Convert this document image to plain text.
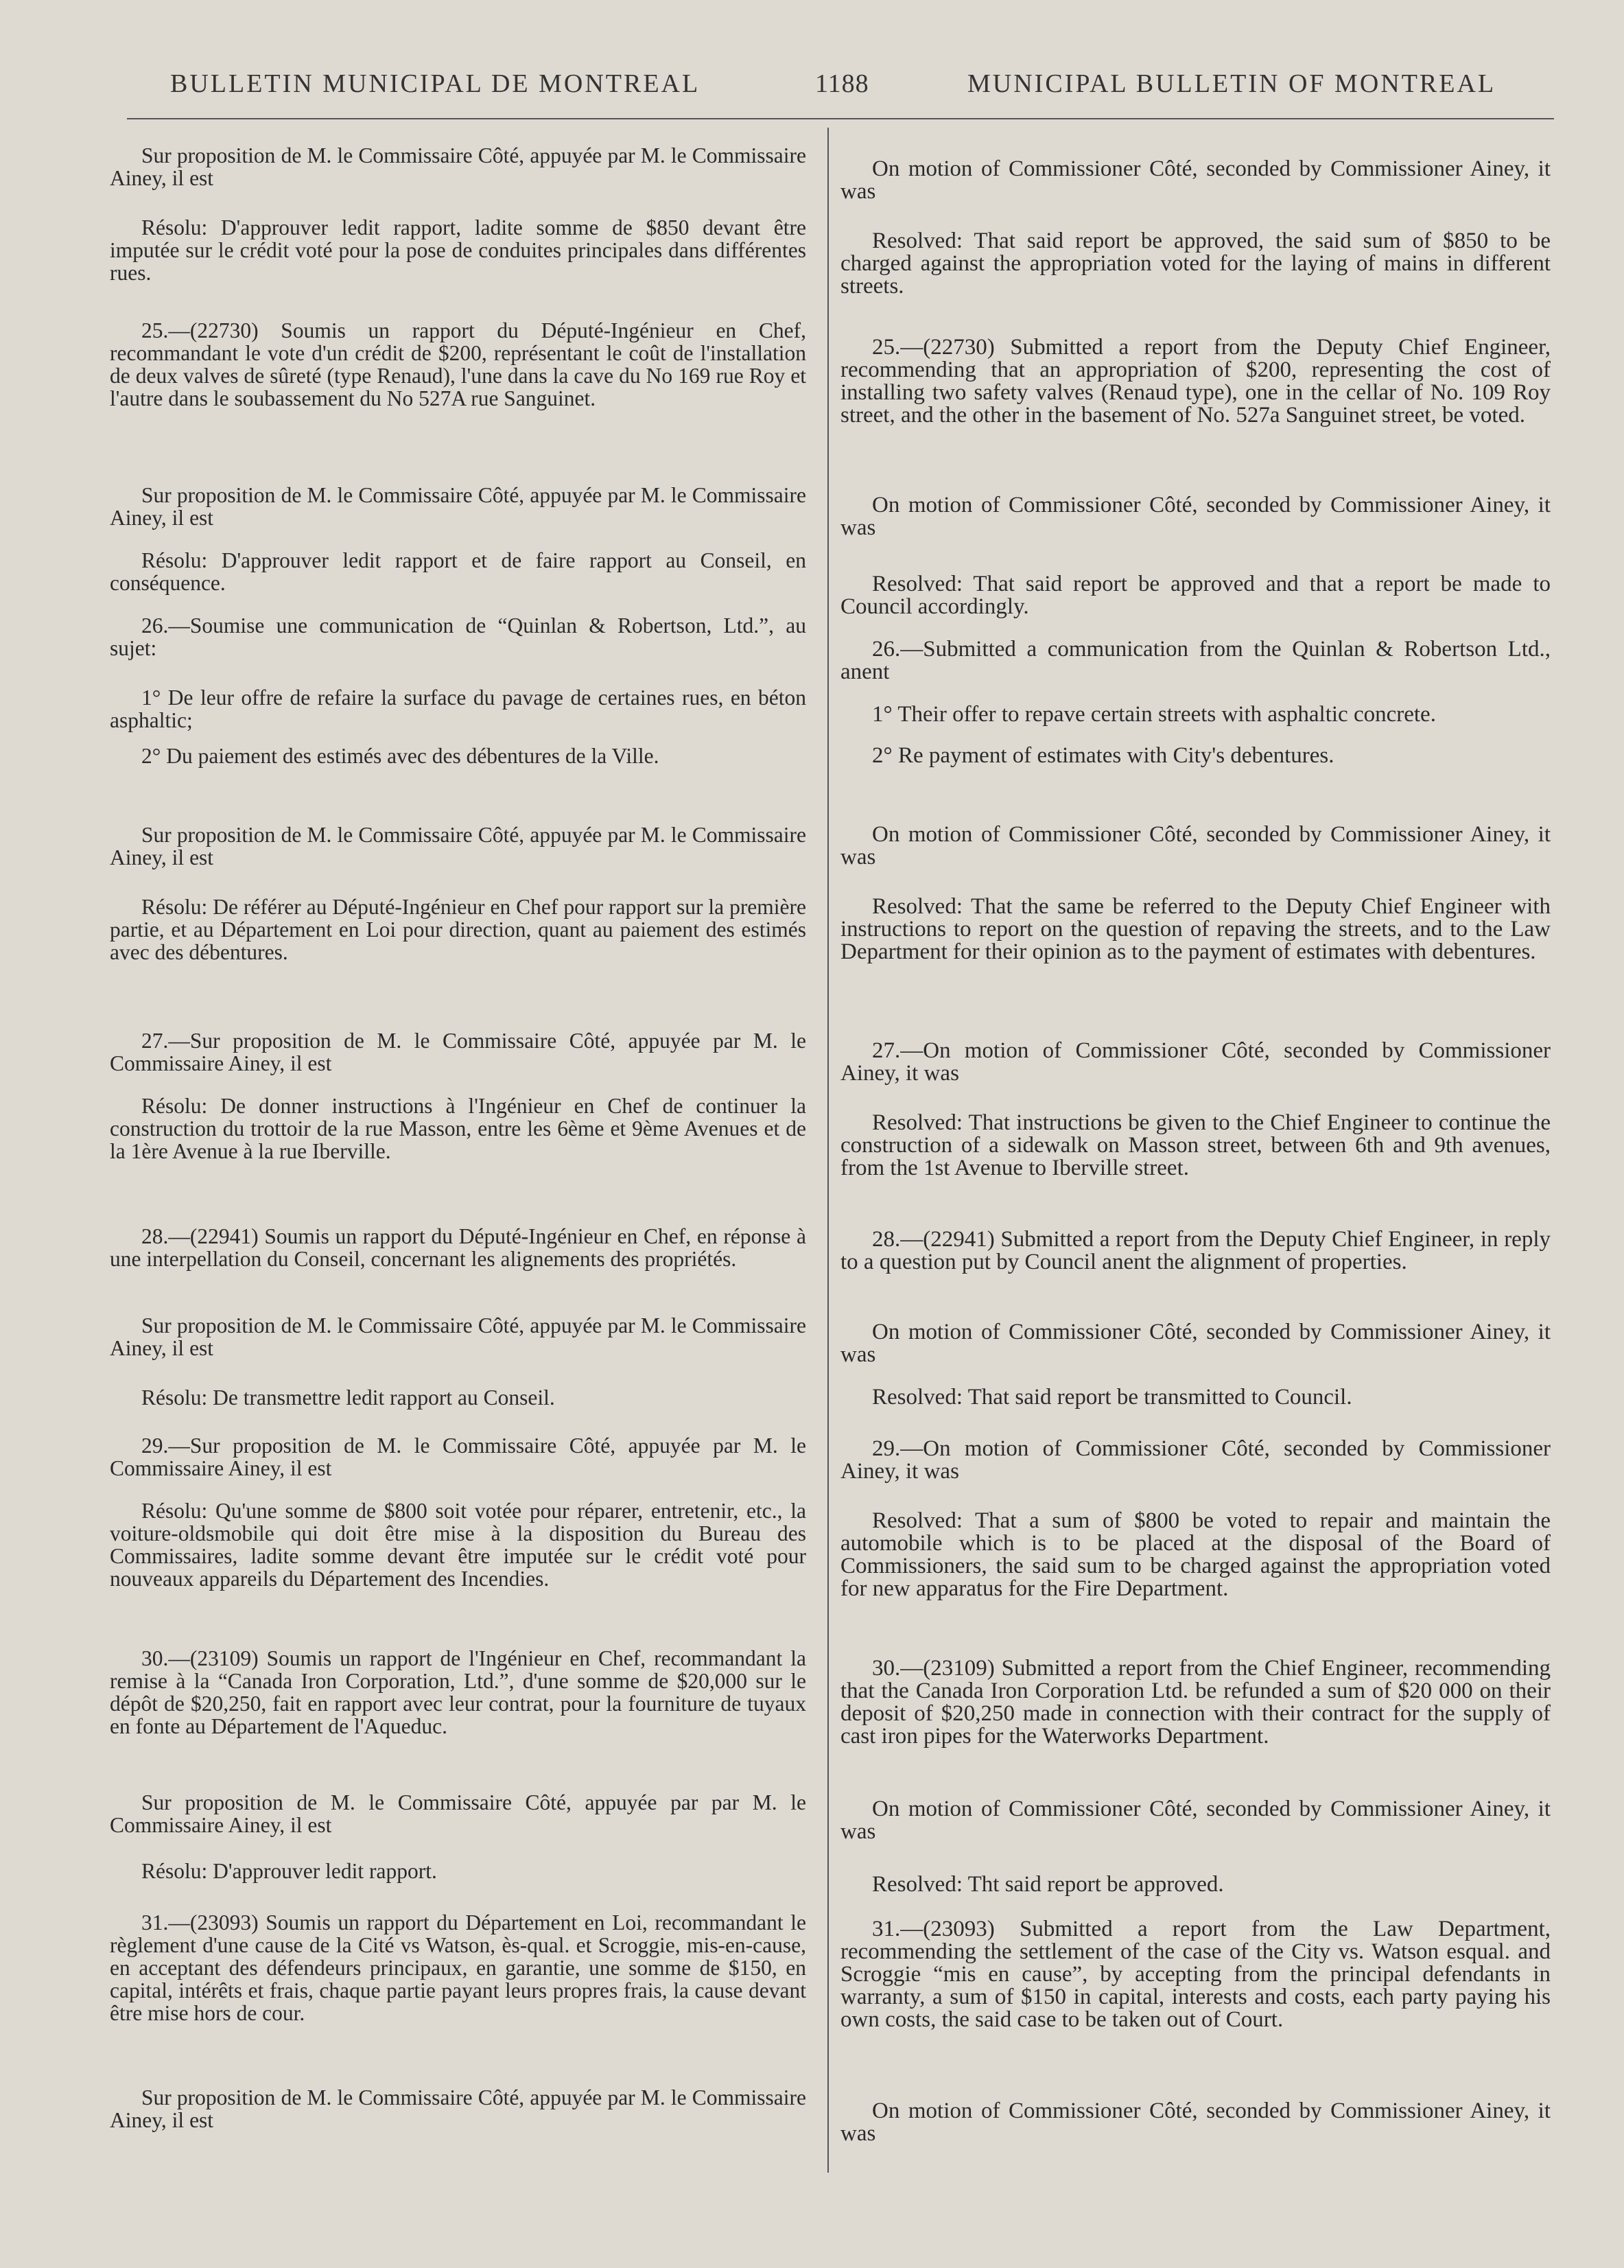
BULLETIN MUNICIPAL DE MONTREAL	1188	MUNICIPAL BULLETIN OF MONTREAL

Sur proposition de M. le Commissaire Côté, appuyée par M. le Commissaire Ainey, il est

Résolu: D'approuver ledit rapport, ladite somme de $850 devant être imputée sur le crédit voté pour la pose de conduites principales dans différentes rues.

25.—(22730) Soumis un rapport du Député-Ingénieur en Chef, recommandant le vote d'un crédit de $200, représentant le coût de l'installation de deux valves de sûreté (type Renaud), l'une dans la cave du No 169 rue Roy et l'autre dans le soubassement du No 527A rue Sanguinet.

Sur proposition de M. le Commissaire Côté, appuyée par M. le Commissaire Ainey, il est

Résolu: D'approuver ledit rapport et de faire rapport au Conseil, en conséquence.

26.—Soumise une communication de “Quinlan & Robertson, Ltd.”, au sujet:

1° De leur offre de refaire la surface du pavage de certaines rues, en béton asphaltic;

2° Du paiement des estimés avec des débentures de la Ville.

Sur proposition de M. le Commissaire Côté, appuyée par M. le Commissaire Ainey, il est

Résolu: De référer au Député-Ingénieur en Chef pour rapport sur la première partie, et au Département en Loi pour direction, quant au paiement des estimés avec des débentures.

27.—Sur proposition de M. le Commissaire Côté, appuyée par M. le Commissaire Ainey, il est

Résolu: De donner instructions à l'Ingénieur en Chef de continuer la construction du trottoir de la rue Masson, entre les 6ème et 9ème Avenues et de la 1ère Avenue à la rue Iberville.

28.—(22941) Soumis un rapport du Député-Ingénieur en Chef, en réponse à une interpellation du Conseil, concernant les alignements des propriétés.

Sur proposition de M. le Commissaire Côté, appuyée par M. le Commissaire Ainey, il est

Résolu: De transmettre ledit rapport au Conseil.

29.—Sur proposition de M. le Commissaire Côté, appuyée par M. le Commissaire Ainey, il est

Résolu: Qu'une somme de $800 soit votée pour réparer, entretenir, etc., la voiture-oldsmobile qui doit être mise à la disposition du Bureau des Commissaires, ladite somme devant être imputée sur le crédit voté pour nouveaux appareils du Département des Incendies.

30.—(23109) Soumis un rapport de l'Ingénieur en Chef, recommandant la remise à la “Canada Iron Corporation, Ltd.”, d'une somme de $20,000 sur le dépôt de $20,250, fait en rapport avec leur contrat, pour la fourniture de tuyaux en fonte au Département de l'Aqueduc.

Sur proposition de M. le Commissaire Côté, appuyée par par M. le Commissaire Ainey, il est

Résolu: D'approuver ledit rapport.

31.—(23093) Soumis un rapport du Département en Loi, recommandant le règlement d'une cause de la Cité vs Watson, ès-qual. et Scroggie, mis-en-cause, en acceptant des défendeurs principaux, en garantie, une somme de $150, en capital, intérêts et frais, chaque partie payant leurs propres frais, la cause devant être mise hors de cour.

Sur proposition de M. le Commissaire Côté, appuyée par M. le Commissaire Ainey, il est

On motion of Commissioner Côté, seconded by Commissioner Ainey, it was

Resolved: That said report be approved, the said sum of $850 to be charged against the appropriation voted for the laying of mains in different streets.

25.—(22730) Submitted a report from the Deputy Chief Engineer, recommending that an appropriation of $200, representing the cost of installing two safety valves (Renaud type), one in the cellar of No. 109 Roy street, and the other in the basement of No. 527a Sanguinet street, be voted.

On motion of Commissioner Côté, seconded by Commissioner Ainey, it was

Resolved: That said report be approved and that a report be made to Council accordingly.

26.—Submitted a communication from the Quinlan & Robertson Ltd., anent

1° Their offer to repave certain streets with asphaltic concrete.

2° Re payment of estimates with City's debentures.

On motion of Commissioner Côté, seconded by Commissioner Ainey, it was

Resolved: That the same be referred to the Deputy Chief Engineer with instructions to report on the question of repaving the streets, and to the Law Department for their opinion as to the payment of estimates with debentures.

27.—On motion of Commissioner Côté, seconded by Commissioner Ainey, it was

Resolved: That instructions be given to the Chief Engineer to continue the construction of a sidewalk on Masson street, between 6th and 9th avenues, from the 1st Avenue to Iberville street.

28.—(22941) Submitted a report from the Deputy Chief Engineer, in reply to a question put by Council anent the alignment of properties.

On motion of Commissioner Côté, seconded by Commissioner Ainey, it was

Resolved: That said report be transmitted to Council.

29.—On motion of Commissioner Côté, seconded by Commissioner Ainey, it was

Resolved: That a sum of $800 be voted to repair and maintain the automobile which is to be placed at the disposal of the Board of Commissioners, the said sum to be charged against the appropriation voted for new apparatus for the Fire Department.

30.—(23109) Submitted a report from the Chief Engineer, recommending that the Canada Iron Corporation Ltd. be refunded a sum of $20 000 on their deposit of $20,250 made in connection with their contract for the supply of cast iron pipes for the Waterworks Department.

On motion of Commissioner Côté, seconded by Commissioner Ainey, it was

Resolved: Tht said report be approved.

31.—(23093) Submitted a report from the Law Department, recommending the settlement of the case of the City vs. Watson esqual. and Scroggie “mis en cause”, by accepting from the principal defendants in warranty, a sum of $150 in capital, interests and costs, each party paying his own costs, the said case to be taken out of Court.

On motion of Commissioner Côté, seconded by Commissioner Ainey, it was
